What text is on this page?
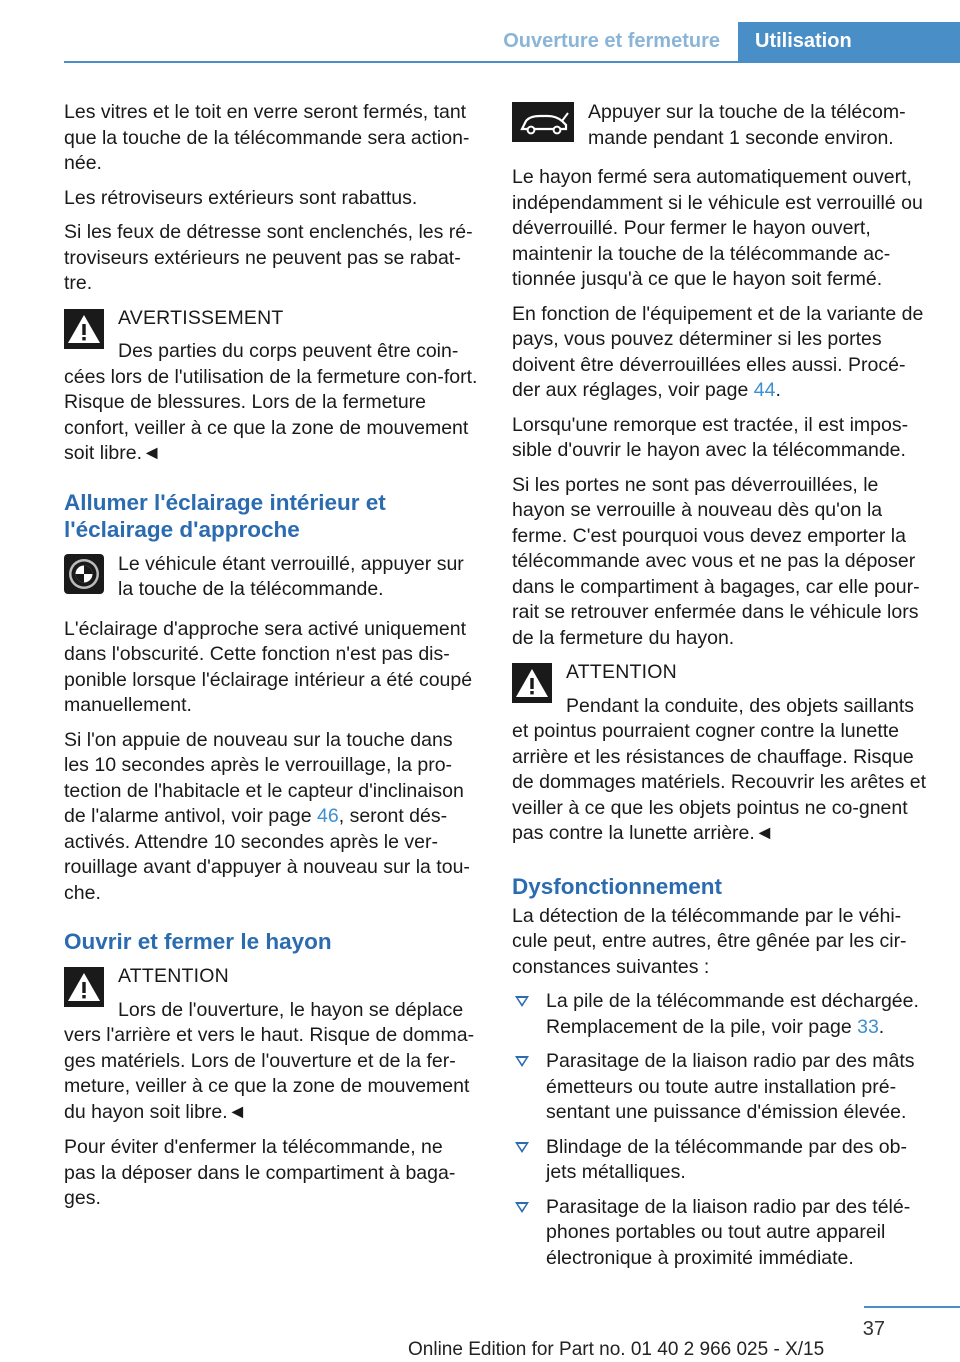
Ouverture et fermeture	Utilisation

Les vitres et le toit en verre seront fermés, tant que la touche de la télécommande sera action‐née.

Les rétroviseurs extérieurs sont rabattus.

Si les feux de détresse sont enclenchés, les ré‐troviseurs extérieurs ne peuvent pas se rabat‐tre.

AVERTISSEMENT
Des parties du corps peuvent être coin‐cées lors de l'utilisation de la fermeture con‐fort. Risque de blessures. Lors de la fermeture confort, veiller à ce que la zone de mouvement soit libre.◄
Allumer l'éclairage intérieur et l'éclairage d'approche
Le véhicule étant verrouillé, appuyer sur la touche de la télécommande.

L'éclairage d'approche sera activé uniquement dans l'obscurité. Cette fonction n'est pas dis‐ponible lorsque l'éclairage intérieur a été coupé manuellement.

Si l'on appuie de nouveau sur la touche dans les 10 secondes après le verrouillage, la pro‐tection de l'habitacle et le capteur d'inclinaison de l'alarme antivol, voir page 46, seront dés‐activés. Attendre 10 secondes après le ver‐rouillage avant d'appuyer à nouveau sur la tou‐che.

Ouvrir et fermer le hayon
ATTENTION
Lors de l'ouverture, le hayon se déplace vers l'arrière et vers le haut. Risque de domma‐ges matériels. Lors de l'ouverture et de la fer‐meture, veiller à ce que la zone de mouvement du hayon soit libre.◄

Pour éviter d'enfermer la télécommande, ne pas la déposer dans le compartiment à baga‐ges.

Appuyer sur la touche de la télécom‐mande pendant 1 seconde environ.

Le hayon fermé sera automatiquement ouvert, indépendamment si le véhicule est verrouillé ou déverrouillé. Pour fermer le hayon ouvert, maintenir la touche de la télécommande ac‐tionnée jusqu'à ce que le hayon soit fermé.

En fonction de l'équipement et de la variante de pays, vous pouvez déterminer si les portes doivent être déverrouillées elles aussi. Procé‐der aux réglages, voir page 44.

Lorsqu'une remorque est tractée, il est impos‐sible d'ouvrir le hayon avec la télécommande.

Si les portes ne sont pas déverrouillées, le hayon se verrouille à nouveau dès qu'on la ferme. C'est pourquoi vous devez emporter la télécommande avec vous et ne pas la déposer dans le compartiment à bagages, car elle pour‐rait se retrouver enfermée dans le véhicule lors de la fermeture du hayon.

ATTENTION
Pendant la conduite, des objets saillants et pointus pourraient cogner contre la lunette arrière et les résistances de chauffage. Risque de dommages matériels. Recouvrir les arêtes et veiller à ce que les objets pointus ne co‐gnent pas contre la lunette arrière.◄
Dysfonctionnement

La détection de la télécommande par le véhi‐cule peut, entre autres, être gênée par les cir‐constances suivantes :

La pile de la télécommande est déchargée. Remplacement de la pile, voir page 33.
Parasitage de la liaison radio par des mâts émetteurs ou toute autre installation pré‐sentant une puissance d'émission élevée.
Blindage de la télécommande par des ob‐jets métalliques.
Parasitage de la liaison radio par des télé‐phones portables ou tout autre appareil électronique à proximité immédiate.
37
Online Edition for Part no. 01 40 2 966 025 - X/15
